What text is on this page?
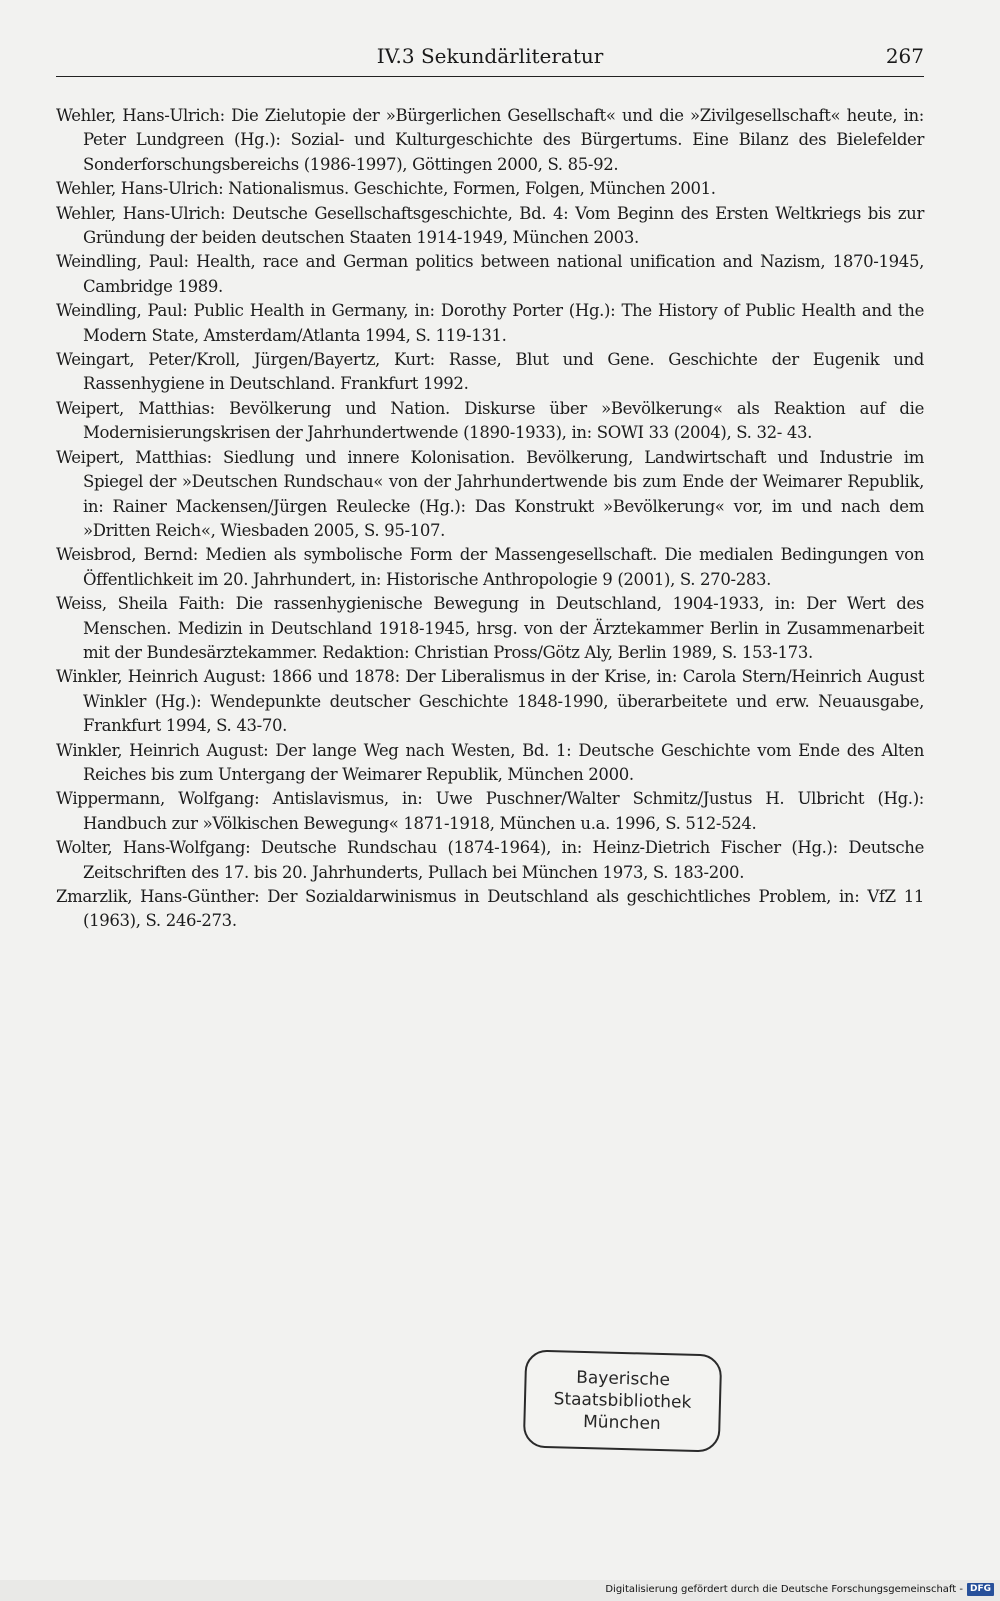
IV.3 Sekundärliteratur	267
Wehler, Hans-Ulrich: Die Zielutopie der »Bürgerlichen Gesellschaft« und die »Zivilgesellschaft« heute, in: Peter Lundgreen (Hg.): Sozial- und Kulturgeschichte des Bürgertums. Eine Bilanz des Bielefelder Sonderforschungsbereichs (1986-1997), Göttingen 2000, S. 85-92.
Wehler, Hans-Ulrich: Nationalismus. Geschichte, Formen, Folgen, München 2001.
Wehler, Hans-Ulrich: Deutsche Gesellschaftsgeschichte, Bd. 4: Vom Beginn des Ersten Weltkriegs bis zur Gründung der beiden deutschen Staaten 1914-1949, München 2003.
Weindling, Paul: Health, race and German politics between national unification and Nazism, 1870-1945, Cambridge 1989.
Weindling, Paul: Public Health in Germany, in: Dorothy Porter (Hg.): The History of Public Health and the Modern State, Amsterdam/Atlanta 1994, S. 119-131.
Weingart, Peter/Kroll, Jürgen/Bayertz, Kurt: Rasse, Blut und Gene. Geschichte der Eugenik und Rassenhygiene in Deutschland. Frankfurt 1992.
Weipert, Matthias: Bevölkerung und Nation. Diskurse über »Bevölkerung« als Reaktion auf die Modernisierungskrisen der Jahrhundertwende (1890-1933), in: SOWI 33 (2004), S. 32- 43.
Weipert, Matthias: Siedlung und innere Kolonisation. Bevölkerung, Landwirtschaft und Industrie im Spiegel der »Deutschen Rundschau« von der Jahrhundertwende bis zum Ende der Weimarer Republik, in: Rainer Mackensen/Jürgen Reulecke (Hg.): Das Konstrukt »Bevölkerung« vor, im und nach dem »Dritten Reich«, Wiesbaden 2005, S. 95-107.
Weisbrod, Bernd: Medien als symbolische Form der Massengesellschaft. Die medialen Bedingungen von Öffentlichkeit im 20. Jahrhundert, in: Historische Anthropologie 9 (2001), S. 270-283.
Weiss, Sheila Faith: Die rassenhygienische Bewegung in Deutschland, 1904-1933, in: Der Wert des Menschen. Medizin in Deutschland 1918-1945, hrsg. von der Ärztekammer Berlin in Zusammenarbeit mit der Bundesärztekammer. Redaktion: Christian Pross/Götz Aly, Berlin 1989, S. 153-173.
Winkler, Heinrich August: 1866 und 1878: Der Liberalismus in der Krise, in: Carola Stern/Heinrich August Winkler (Hg.): Wendepunkte deutscher Geschichte 1848-1990, überarbeitete und erw. Neuausgabe, Frankfurt 1994, S. 43-70.
Winkler, Heinrich August: Der lange Weg nach Westen, Bd. 1: Deutsche Geschichte vom Ende des Alten Reiches bis zum Untergang der Weimarer Republik, München 2000.
Wippermann, Wolfgang: Antislavismus, in: Uwe Puschner/Walter Schmitz/Justus H. Ulbricht (Hg.): Handbuch zur »Völkischen Bewegung« 1871-1918, München u.a. 1996, S. 512-524.
Wolter, Hans-Wolfgang: Deutsche Rundschau (1874-1964), in: Heinz-Dietrich Fischer (Hg.): Deutsche Zeitschriften des 17. bis 20. Jahrhunderts, Pullach bei München 1973, S. 183-200.
Zmarzlik, Hans-Günther: Der Sozialdarwinismus in Deutschland als geschichtliches Problem, in: VfZ 11 (1963), S. 246-273.
Bayerische
Staatsbibliothek
München
Digitalisierung gefördert durch die Deutsche Forschungsgemeinschaft - DFG
